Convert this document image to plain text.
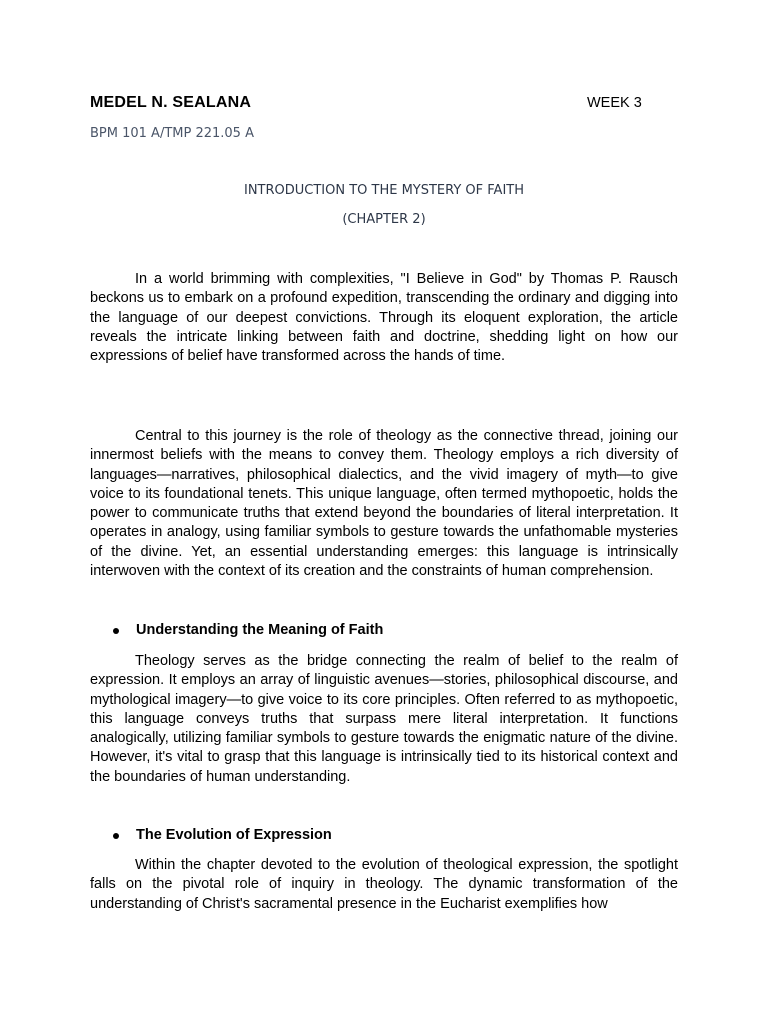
MEDEL N. SEALANA	WEEK 3
BPM 101 A/TMP 221.05 A
INTRODUCTION TO THE MYSTERY OF FAITH
(CHAPTER 2)

In a world brimming with complexities, "I Believe in God" by Thomas P. Rausch beckons us to embark on a profound expedition, transcending the ordinary and digging into the language of our deepest convictions. Through its eloquent exploration, the article reveals the intricate linking between faith and doctrine, shedding light on how our expressions of belief have transformed across the hands of time.

Central to this journey is the role of theology as the connective thread, joining our innermost beliefs with the means to convey them. Theology employs a rich diversity of languages—narratives, philosophical dialectics, and the vivid imagery of myth—to give voice to its foundational tenets. This unique language, often termed mythopoetic, holds the power to communicate truths that extend beyond the boundaries of literal interpretation. It operates in analogy, using familiar symbols to gesture towards the unfathomable mysteries of the divine. Yet, an essential understanding emerges: this language is intrinsically interwoven with the context of its creation and the constraints of human comprehension.

Understanding the Meaning of Faith

Theology serves as the bridge connecting the realm of belief to the realm of expression. It employs an array of linguistic avenues—stories, philosophical discourse, and mythological imagery—to give voice to its core principles. Often referred to as mythopoetic, this language conveys truths that surpass mere literal interpretation. It functions analogically, utilizing familiar symbols to gesture towards the enigmatic nature of the divine. However, it's vital to grasp that this language is intrinsically tied to its historical context and the boundaries of human understanding.

The Evolution of Expression

Within the chapter devoted to the evolution of theological expression, the spotlight falls on the pivotal role of inquiry in theology. The dynamic transformation of the understanding of Christ's sacramental presence in the Eucharist exemplifies how
